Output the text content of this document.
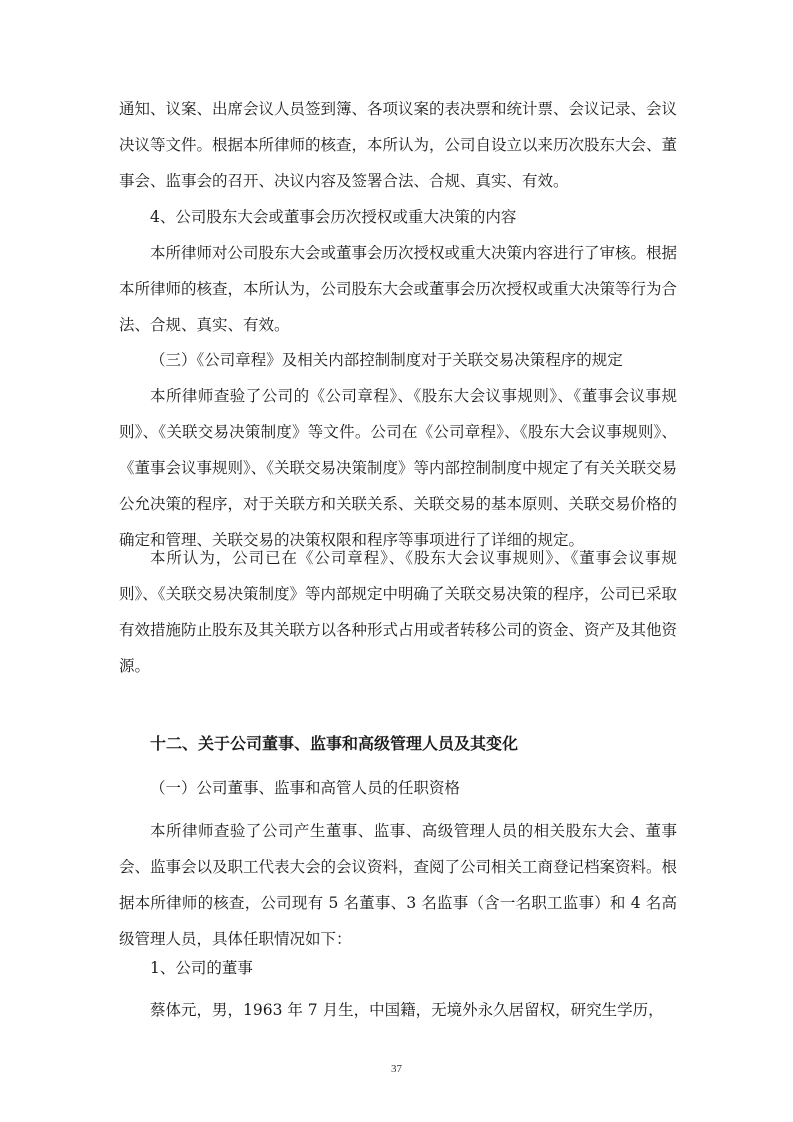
通知、议案、出席会议人员签到簿、各项议案的表决票和统计票、会议记录、会议决议等文件。根据本所律师的核查，本所认为，公司自设立以来历次股东大会、董事会、监事会的召开、决议内容及签署合法、合规、真实、有效。

4、公司股东大会或董事会历次授权或重大决策的内容

本所律师对公司股东大会或董事会历次授权或重大决策内容进行了审核。根据本所律师的核查，本所认为，公司股东大会或董事会历次授权或重大决策等行为合法、合规、真实、有效。

（三）《公司章程》及相关内部控制制度对于关联交易决策程序的规定

本所律师查验了公司的《公司章程》、《股东大会议事规则》、《董事会议事规则》、《关联交易决策制度》等文件。公司在《公司章程》、《股东大会议事规则》、《董事会议事规则》、《关联交易决策制度》等内部控制制度中规定了有关关联交易公允决策的程序，对于关联方和关联关系、关联交易的基本原则、关联交易价格的确定和管理、关联交易的决策权限和程序等事项进行了详细的规定。

本所认为，公司已在《公司章程》、《股东大会议事规则》、《董事会议事规则》、《关联交易决策制度》等内部规定中明确了关联交易决策的程序，公司已采取有效措施防止股东及其关联方以各种形式占用或者转移公司的资金、资产及其他资源。

十二、关于公司董事、监事和高级管理人员及其变化

（一）公司董事、监事和高管人员的任职资格

本所律师查验了公司产生董事、监事、高级管理人员的相关股东大会、董事会、监事会以及职工代表大会的会议资料，查阅了公司相关工商登记档案资料。根据本所律师的核查，公司现有 5 名董事、3 名监事（含一名职工监事）和 4 名高级管理人员，具体任职情况如下：

1、公司的董事

蔡体元，男，1963 年 7 月生，中国籍，无境外永久居留权，研究生学历，

37
